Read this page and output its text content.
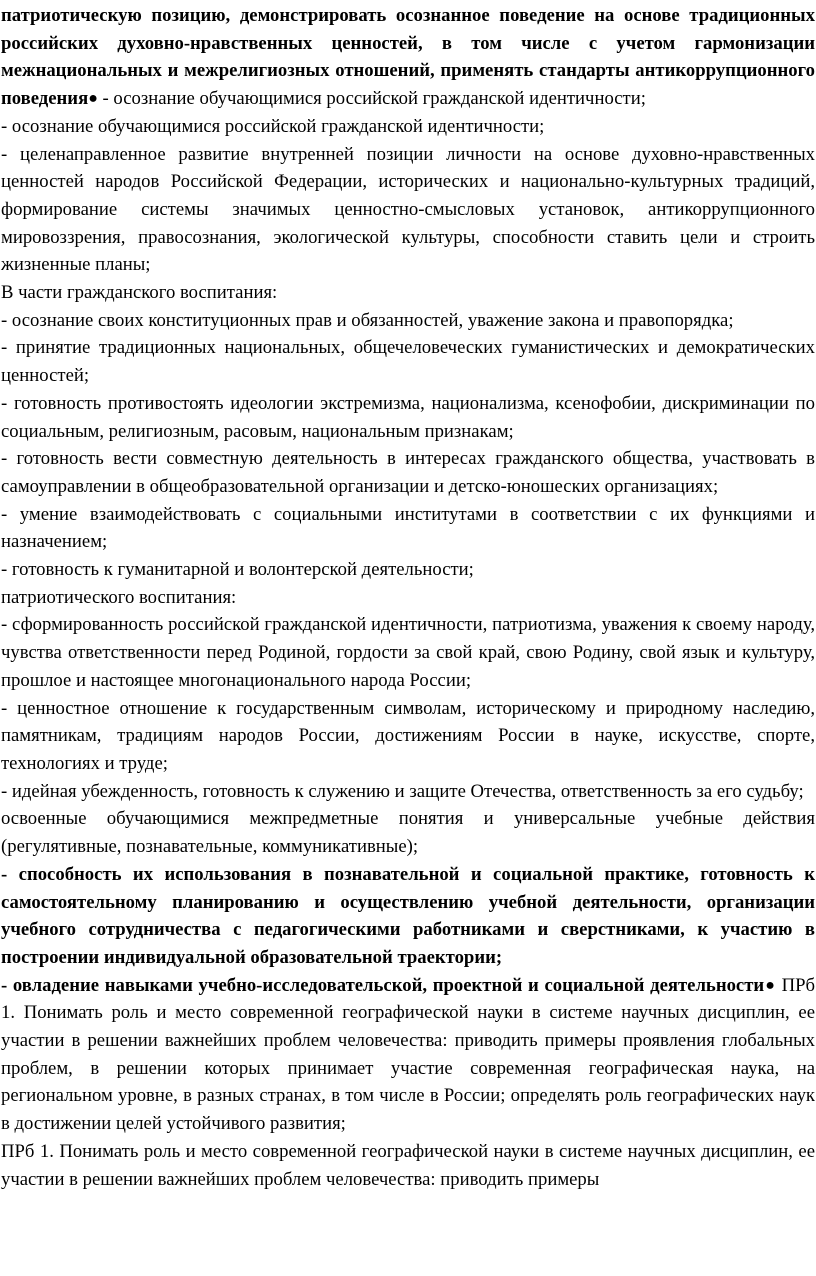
патриотическую позицию, демонстрировать осознанное поведение на основе традиционных российских духовно-нравственных ценностей, в том числе с учетом гармонизации межнациональных и межрелигиозных отношений, применять стандарты антикоррупционного поведения● - осознание обучающимися российской гражданской идентичности;

- осознание обучающимися российской гражданской идентичности;

- целенаправленное развитие внутренней позиции личности на основе духовно-нравственных ценностей народов Российской Федерации, исторических и национально-культурных традиций, формирование системы значимых ценностно-смысловых установок, антикоррупционного мировоззрения, правосознания, экологической культуры, способности ставить цели и строить жизненные планы;

В части гражданского воспитания:

- осознание своих конституционных прав и обязанностей, уважение закона и правопорядка;

- принятие традиционных национальных, общечеловеческих гуманистических и демократических ценностей;

- готовность противостоять идеологии экстремизма, национализма, ксенофобии, дискриминации по социальным, религиозным, расовым, национальным признакам;

- готовность вести совместную деятельность в интересах гражданского общества, участвовать в самоуправлении в общеобразовательной организации и детско-юношеских организациях;

- умение взаимодействовать с социальными институтами в соответствии с их функциями и назначением;

- готовность к гуманитарной и волонтерской деятельности;

патриотического воспитания:

- сформированность российской гражданской идентичности, патриотизма, уважения к своему народу, чувства ответственности перед Родиной, гордости за свой край, свою Родину, свой язык и культуру, прошлое и настоящее многонационального народа России;

- ценностное отношение к государственным символам, историческому и природному наследию, памятникам, традициям народов России, достижениям России в науке, искусстве, спорте, технологиях и труде;

- идейная убежденность, готовность к служению и защите Отечества, ответственность за его судьбу;

освоенные обучающимися межпредметные понятия и универсальные учебные действия (регулятивные, познавательные, коммуникативные);

- способность их использования в познавательной и социальной практике, готовность к самостоятельному планированию и осуществлению учебной деятельности, организации учебного сотрудничества с педагогическими работниками и сверстниками, к участию в построении индивидуальной образовательной траектории;

- овладение навыками учебно-исследовательской, проектной и социальной деятельности● ПРб 1. Понимать роль и место современной географической науки в системе научных дисциплин, ее участии в решении важнейших проблем человечества: приводить примеры проявления глобальных проблем, в решении которых принимает участие современная географическая наука, на региональном уровне, в разных странах, в том числе в России; определять роль географических наук в достижении целей устойчивого развития;

ПРб 1. Понимать роль и место современной географической науки в системе научных дисциплин, ее участии в решении важнейших проблем человечества: приводить примеры
